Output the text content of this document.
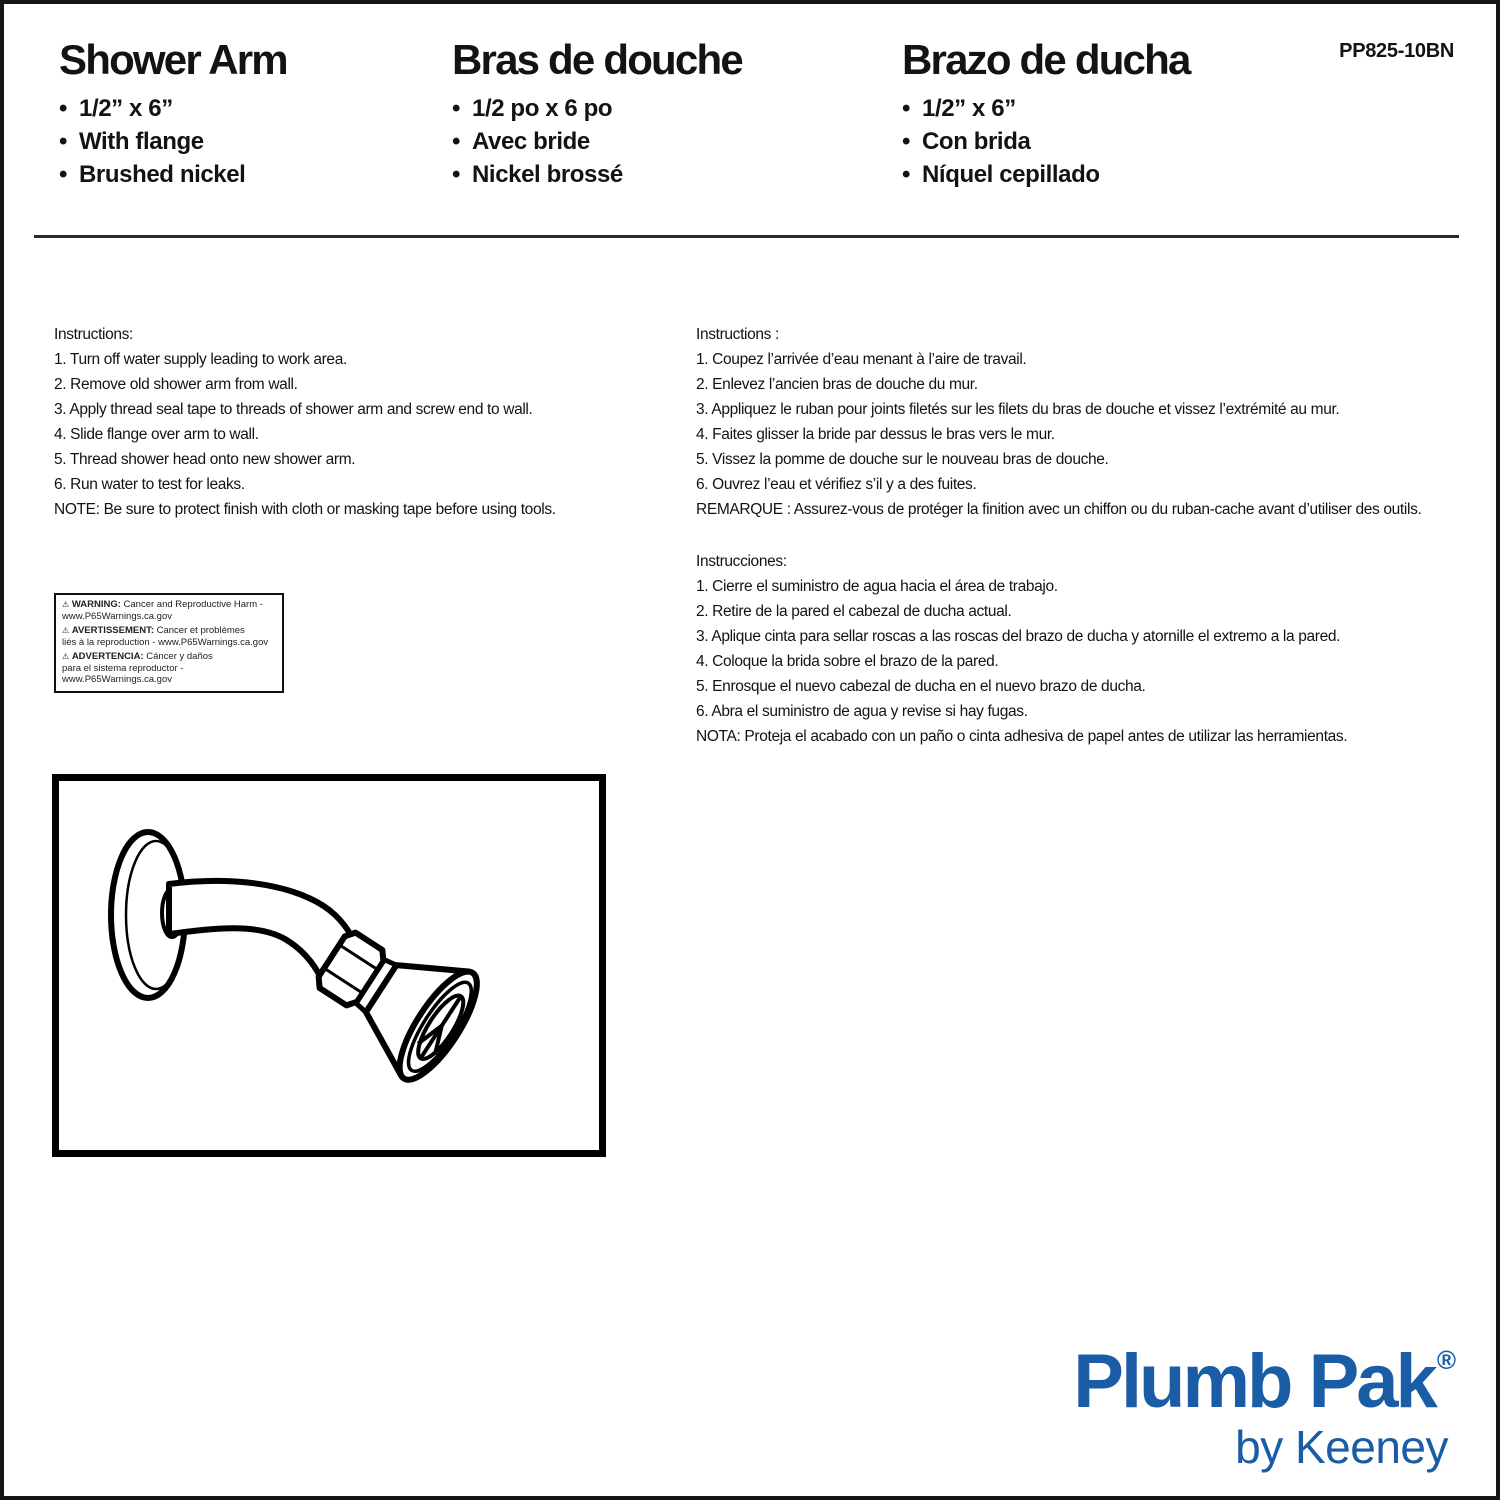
Shower Arm
• 1/2” x 6”
• With flange
• Brushed nickel
Bras de douche
• 1/2 po x 6 po
• Avec bride
• Nickel brossé
Brazo de ducha
• 1/2” x 6”
• Con brida
• Níquel cepillado
PP825-10BN
Instructions:
1. Turn off water supply leading to work area.
2. Remove old shower arm from wall.
3. Apply thread seal tape to threads of shower arm and screw end to wall.
4. Slide flange over arm to wall.
5. Thread shower head onto new shower arm.
6. Run water to test for leaks.
NOTE: Be sure to protect finish with cloth or masking tape before using tools.
Instructions :
1. Coupez l’arrivée d’eau menant à l’aire de travail.
2. Enlevez l’ancien bras de douche du mur.
3. Appliquez le ruban pour joints filetés sur les filets du bras de douche et vissez l’extrémité au mur.
4. Faites glisser la bride par dessus le bras vers le mur.
5. Vissez la pomme de douche sur le nouveau bras de douche.
6. Ouvrez l’eau et vérifiez s’il y a des fuites.
REMARQUE : Assurez-vous de protéger la finition avec un chiffon ou du ruban-cache avant d’utiliser des outils.
Instrucciones:
1. Cierre el suministro de agua hacia el área de trabajo.
2. Retire de la pared el cabezal de ducha actual.
3. Aplique cinta para sellar roscas a las roscas del brazo de ducha y atornille el extremo a la pared.
4. Coloque la brida sobre el brazo de la pared.
5. Enrosque el nuevo cabezal de ducha en el nuevo brazo de ducha.
6. Abra el suministro de agua y revise si hay fugas.
NOTA: Proteja el acabado con un paño o cinta adhesiva de papel antes de utilizar las herramientas.
⚠ WARNING: Cancer and Reproductive Harm -
www.P65Warnings.ca.gov
⚠ AVERTISSEMENT: Cancer et problèmes
liés à la reproduction - www.P65Warnings.ca.gov
⚠ ADVERTENCIA: Cáncer y daños
para el sistema reproductor - www.P65Warnings.ca.gov
Plumb Pak®
by Keeney
